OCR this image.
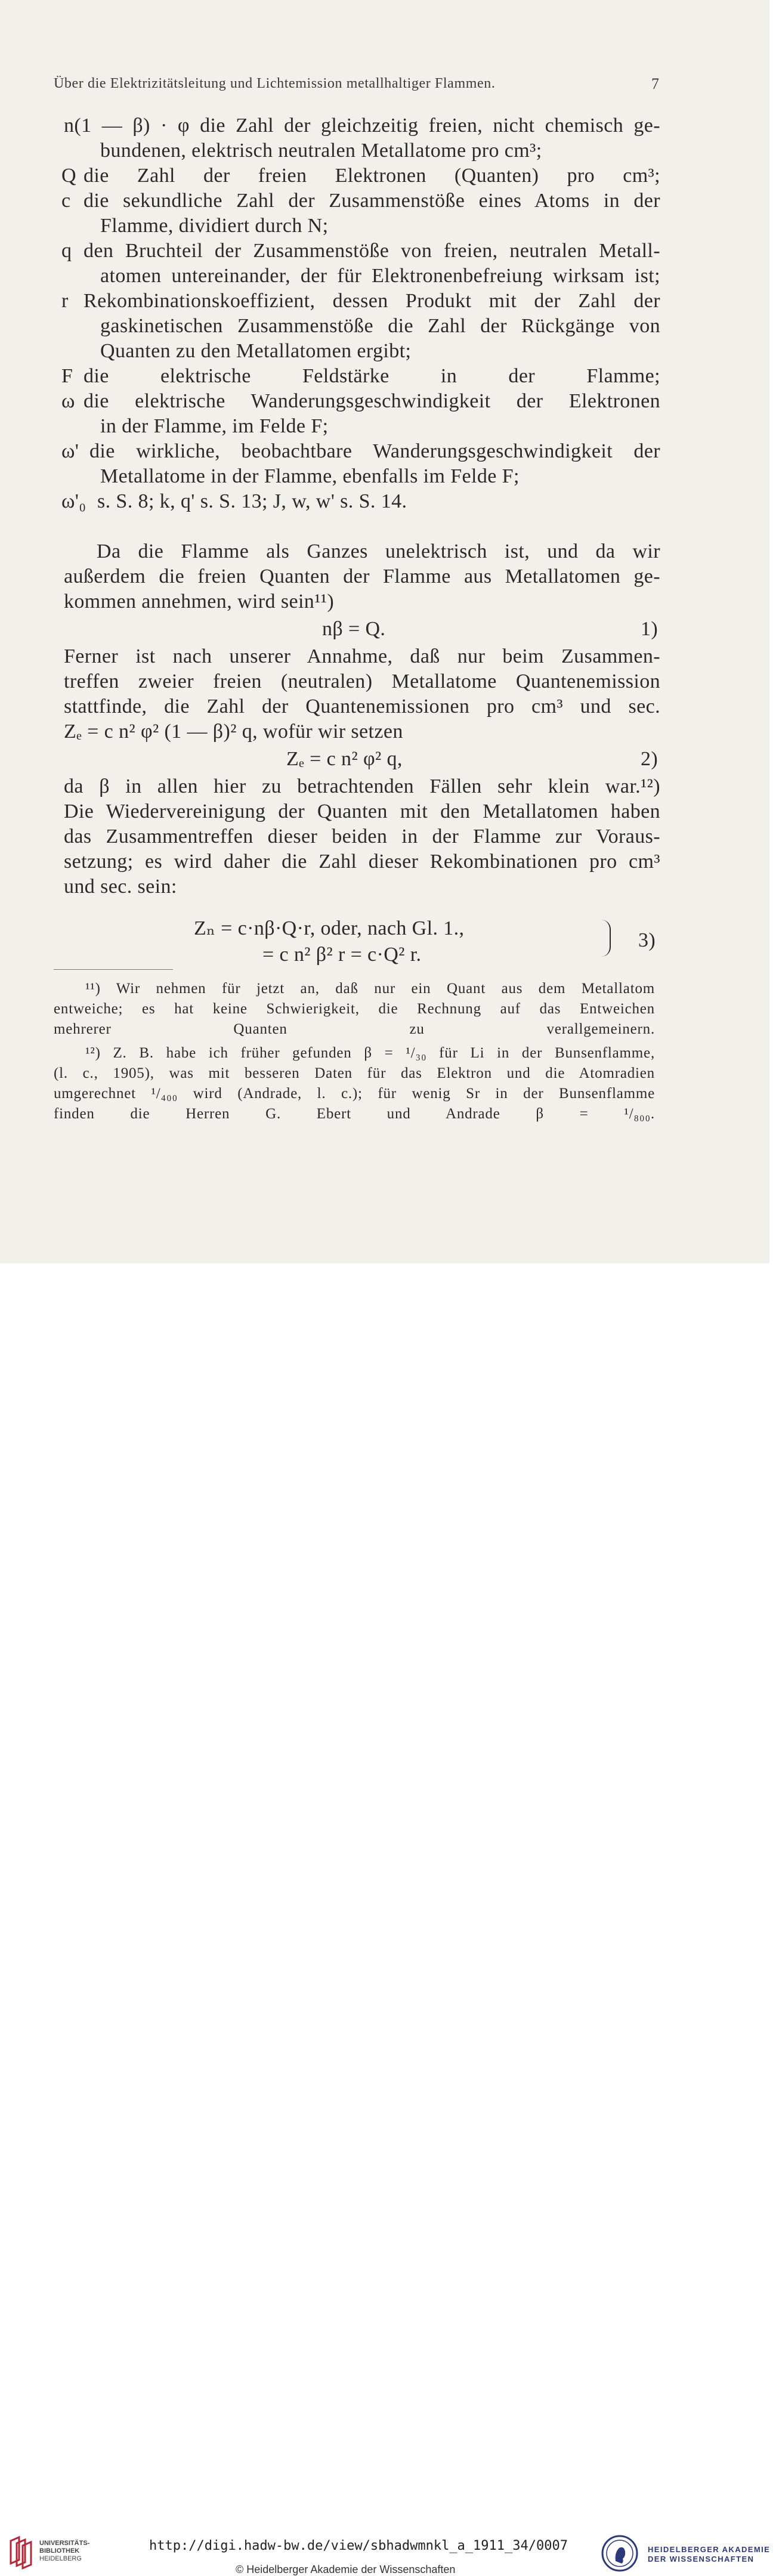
Über die Elektrizitätsleitung und Lichtemission metallhaltiger Flammen.	7
n(1 — β) · φ die Zahl der gleichzeitig freien, nicht chemisch ge-
bundenen, elektrisch neutralen Metallatome pro cm³;
Q die Zahl der freien Elektronen (Quanten) pro cm³;
c die sekundliche Zahl der Zusammenstöße eines Atoms in der
Flamme, dividiert durch N;
q den Bruchteil der Zusammenstöße von freien, neutralen Metall-
atomen untereinander, der für Elektronenbefreiung wirksam ist;
r Rekombinationskoeffizient, dessen Produkt mit der Zahl der
gaskinetischen Zusammenstöße die Zahl der Rückgänge von
Quanten zu den Metallatomen ergibt;
F die elektrische Feldstärke in der Flamme;
ω die elektrische Wanderungsgeschwindigkeit der Elektronen
in der Flamme, im Felde F;
ω' die wirkliche, beobachtbare Wanderungsgeschwindigkeit der
Metallatome in der Flamme, ebenfalls im Felde F;
ω'₀ s. S. 8; k, q' s. S. 13; J, w, w' s. S. 14.
Da die Flamme als Ganzes unelektrisch ist, und da wir
außerdem die freien Quanten der Flamme aus Metallatomen ge-
kommen annehmen, wird sein¹¹)
nβ = Q.	1)
Ferner ist nach unserer Annahme, daß nur beim Zusammen-
treffen zweier freien (neutralen) Metallatome Quantenemission
stattfinde, die Zahl der Quantenemissionen pro cm³ und sec.
Zₑ = c n² φ² (1 — β)² q, wofür wir setzen
Zₑ = c n² φ² q,	2)
da β in allen hier zu betrachtenden Fällen sehr klein war.¹²)
Die Wiedervereinigung der Quanten mit den Metallatomen haben
das Zusammentreffen dieser beiden in der Flamme zur Voraus-
setzung; es wird daher die Zahl dieser Rekombinationen pro cm³
und sec. sein:
Zₙ = c·nβ·Q·r, oder, nach Gl. 1.,
= c n² β² r = c·Q² r.
3)
¹¹) Wir nehmen für jetzt an, daß nur ein Quant aus dem Metallatom
entweiche; es hat keine Schwierigkeit, die Rechnung auf das Entweichen
mehrerer Quanten zu verallgemeinern.
¹²) Z. B. habe ich früher gefunden β = ¹/₃₀ für Li in der Bunsenflamme,
(l. c., 1905), was mit besseren Daten für das Elektron und die Atomradien
umgerechnet ¹/₄₀₀ wird (Andrade, l. c.); für wenig Sr in der Bunsenflamme
finden die Herren G. Ebert und Andrade β = ¹/₈₀₀.
UNIVERSITÄTS-
BIBLIOTHEK
HEIDELBERG
http://digi.hadw-bw.de/view/sbhadwmnkl_a_1911_34/0007
© Heidelberger Akademie der Wissenschaften
HEIDELBERGER AKADEMIE
DER WISSENSCHAFTEN
